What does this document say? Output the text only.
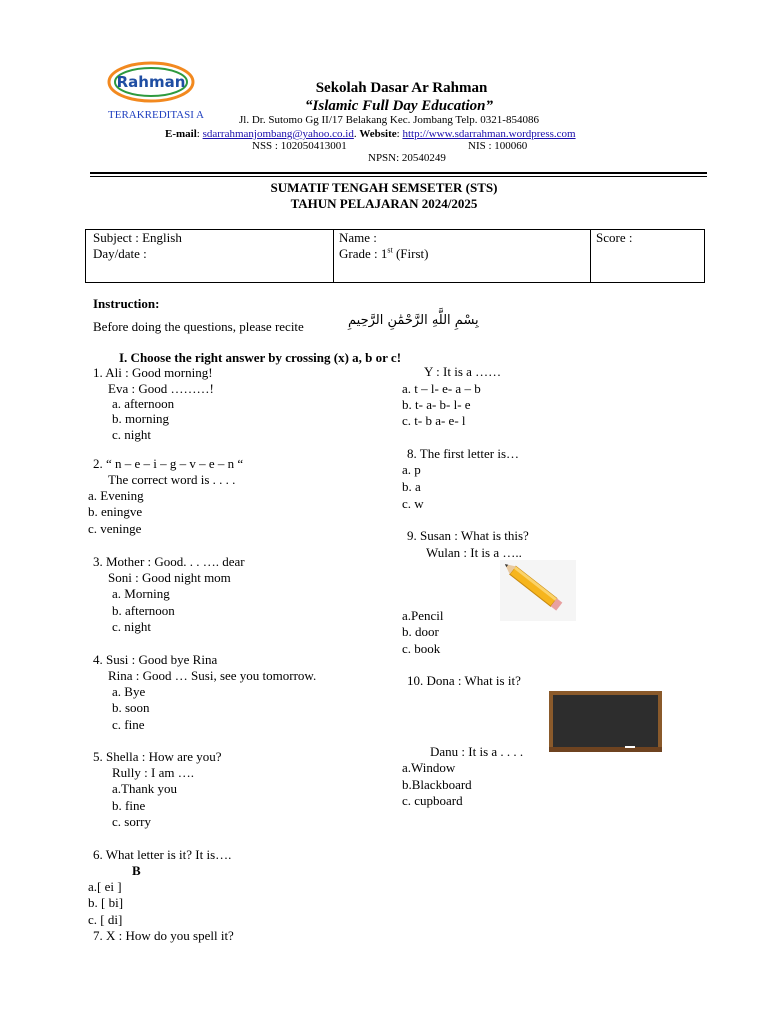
Rahman
TERAKREDITASI A
Sekolah Dasar Ar Rahman
“Islamic Full Day Education”
Jl. Dr. Sutomo Gg II/17 Belakang Kec. Jombang Telp. 0321-854086
E-mail: sdarrahmanjombang@yahoo.co.id. Website: http://www.sdarrahman.wordpress.com
NSS : 102050413001	NIS : 100060
NPSN: 20540249
SUMATIF TENGAH SEMSETER (STS)
TAHUN PELAJARAN 2024/2025
Subject : English
Day/date :
Name :
Grade : 1st (First)
Score :
Instruction:
Before doing the questions, please recite	بِسْمِ اللَّهِ الرَّحْمَٰنِ الرَّحِيمِ
I. Choose the right answer by crossing (x) a, b or c!
1. Ali : Good morning!
Eva : Good ………!
a. afternoon
b. morning
c. night
2. “ n – e – i – g – v – e – n “
The correct word is . . . .
a. Evening
b. eningve
c. veninge
3. Mother : Good. . . …. dear
Soni : Good night mom
a. Morning
b. afternoon
c. night
4. Susi : Good bye Rina
Rina : Good … Susi, see you tomorrow.
a. Bye
b. soon
c. fine
5. Shella : How are you?
Rully : I am ….
a.Thank you
b. fine
c. sorry
6. What letter is it? It is….
B
a.[ ei ]
b. [ bi]
c. [ di]
7. X : How do you spell it?
Y : It is a ……
a. t – l- e- a – b
b. t- a- b- l- e
c. t- b a- e- l
8. The first letter is…
a. p
b. a
c. w
9. Susan : What is this?
Wulan : It is a …..
a.Pencil
b. door
c. book
10. Dona : What is it?
Danu : It is a . . . .
a.Window
b.Blackboard
c. cupboard
